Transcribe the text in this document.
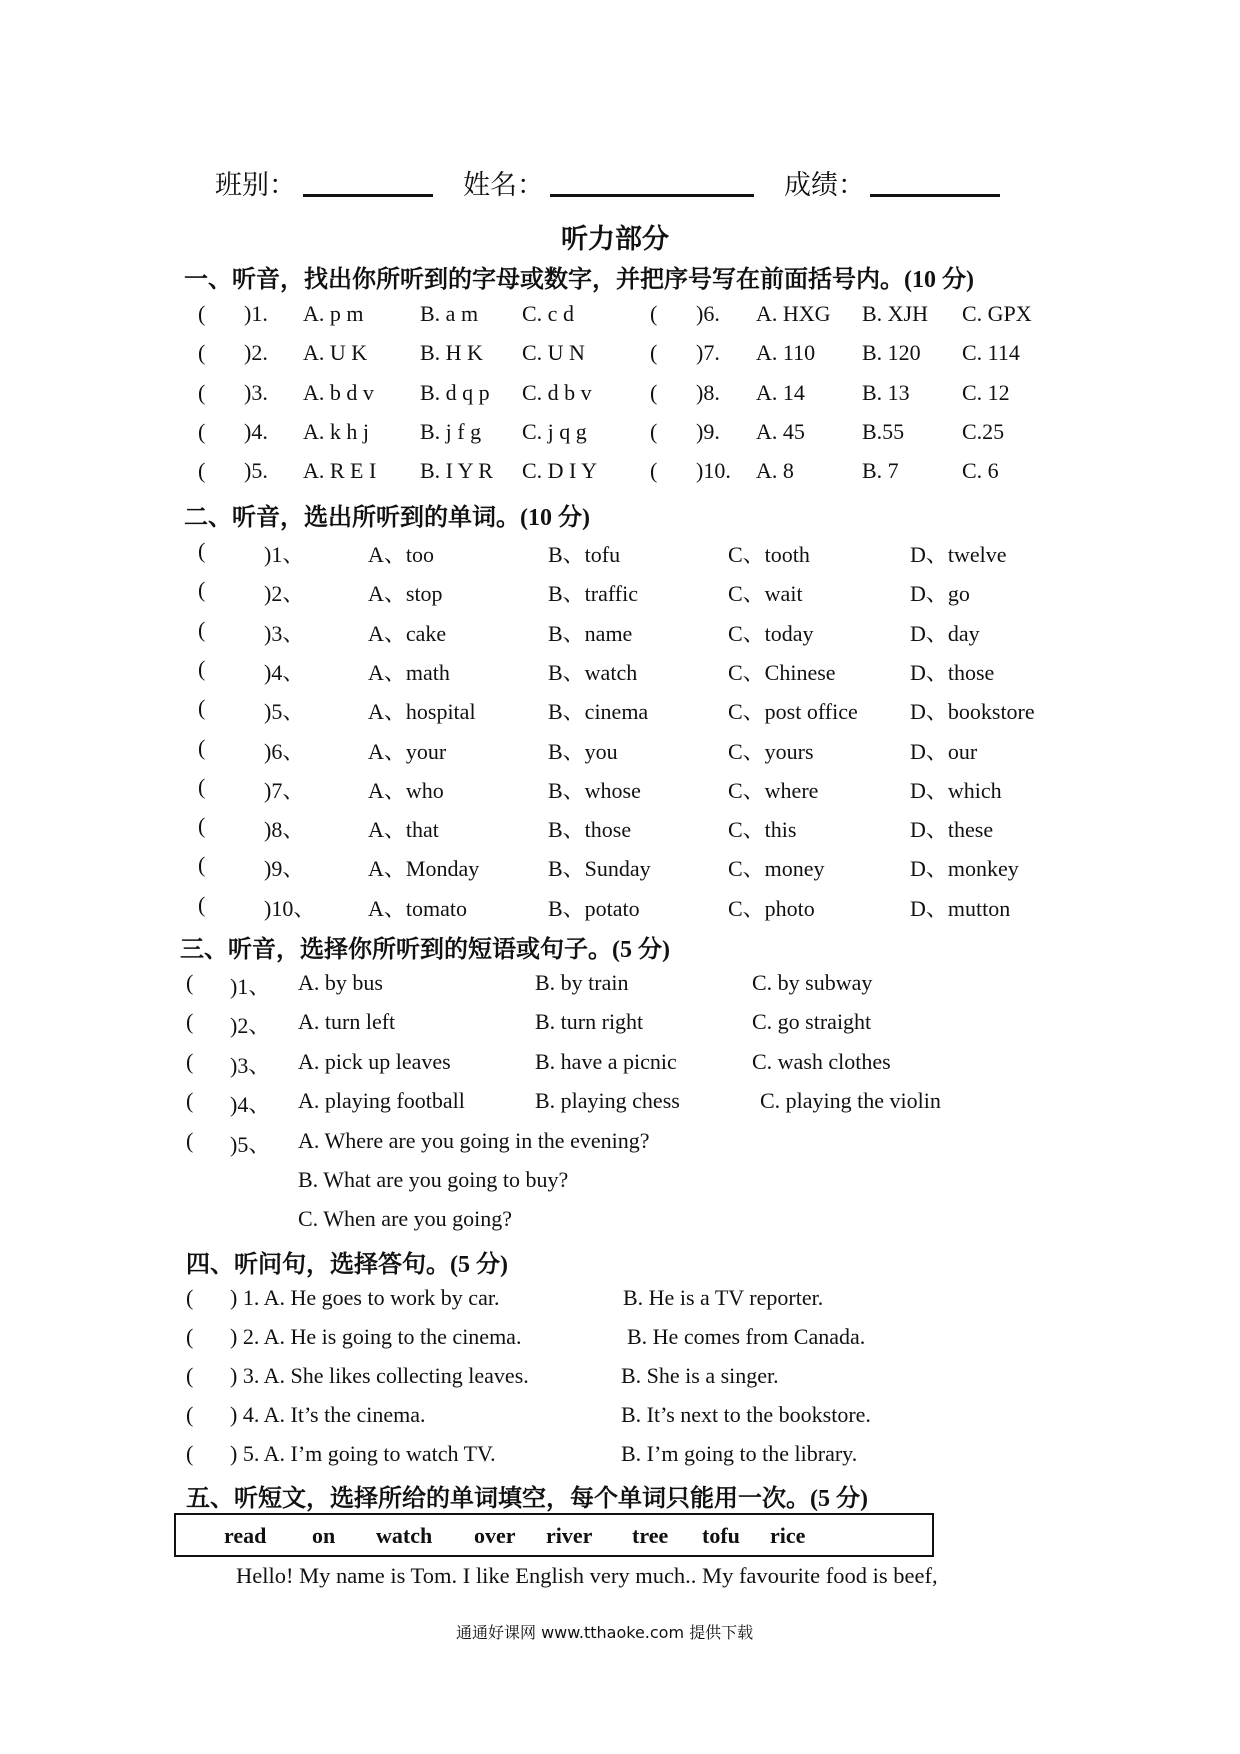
班别：	姓名：	成绩：
听力部分
一、听音，找出你所听到的字母或数字，并把序号写在前面括号内。(10 分)
( )1. A. p m	B. a m C. c d	( )6. A. HXG B. XJH C. GPX
( )2. A. U K B. H K C. U N	( )7. A. 110 B. 120 C. 114
( )3. A. b d v B. d q p C. d b v	( )8. A. 14	B. 13 C. 12
( )4. A. k h j B. j f g C. j q g	( )9. A. 45	B.55	C.25
( )5. A. R E I B. I Y R C. D I Y ( )10. A. 8	B. 7	C. 6
二、听音，选出所听到的单词。(10 分)
(	)1、	A、too	B、tofu	C、tooth	D、twelve
(	)2、	A、stop	B、traffic	C、wait	D、go
(	)3、	A、cake	B、name	C、today	D、day
(	)4、	A、math	B、watch	C、Chinese	D、those
(	)5、	A、hospital	B、cinema	C、post office D、bookstore
(	)6、	A、your	B、you	C、yours	D、our
(	)7、	A、who	B、whose	C、where	D、which
(	)8、	A、that	B、those	C、this	D、these
(	)9、	A、Monday	B、Sunday	C、money	D、monkey
(	)10、 A、tomato	B、potato	C、photo	D、mutton
三、听音，选择你所听到的短语或句子。(5 分)
( )1、 A. by bus	B. by train	C. by subway
( )2、 A. turn left	B. turn right	C. go straight
( )3、 A. pick up leaves	B. have a picnic	C. wash clothes
( )4、 A. playing football	B. playing chess	C. playing the violin
( )5、 A. Where are you going in the evening?
B. What are you going to buy?
C. When are you going?
四、听问句，选择答句。(5 分)
( ) 1. A. He goes to work by car.	B. He is a TV reporter.
( ) 2. A. He is going to the cinema.	B. He comes from Canada.
( ) 3. A. She likes collecting leaves.	B. She is a singer.
( ) 4. A. It’s the cinema.	B. It’s next to the bookstore.
( ) 5. A. I’m going to watch TV.	B. I’m going to the library.
五、听短文，选择所给的单词填空，每个单词只能用一次。(5 分)
read on watch over river tree tofu rice
Hello! My name is Tom. I like English very much.. My favourite food is beef,
通通好课网 www.tthaoke.com 提供下载
